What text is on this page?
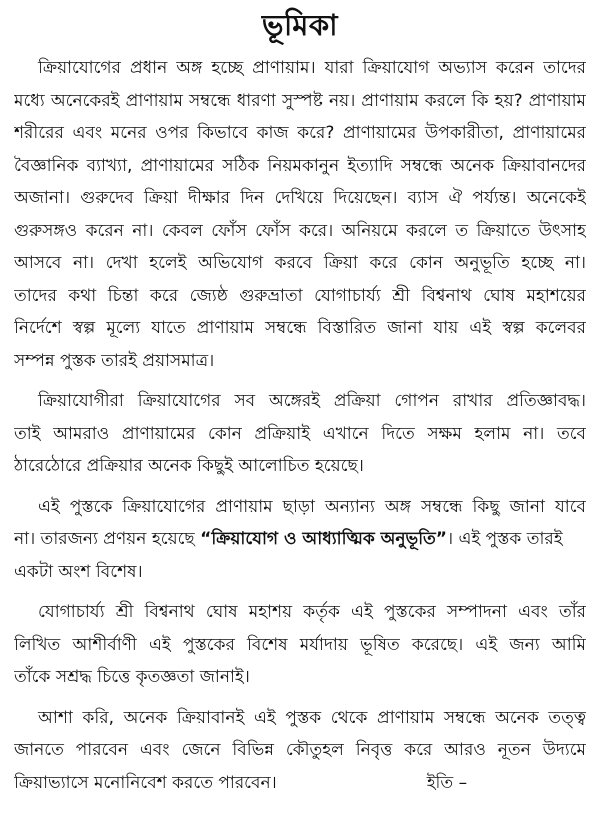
ভূমিকা
ক্রিয়াযোগের প্রধান অঙ্গ হচ্ছে প্রাণায়াম। যারা ক্রিয়াযোগ অভ্যাস করেন তাদের
মধ্যে অনেকেরই প্রাণায়াম সম্বন্ধে ধারণা সুস্পষ্ট নয়। প্রাণায়াম করলে কি হয়? প্রাণায়াম
শরীরের এবং মনের ওপর কিভাবে কাজ করে? প্রাণায়ামের উপকারীতা, প্রাণায়ামের
বৈজ্ঞানিক ব্যাখ্যা, প্রাণায়ামের সঠিক নিয়মকানুন ইত্যাদি সম্বন্ধে অনেক ক্রিয়াবানদের
অজানা। গুরুদেব ক্রিয়া দীক্ষার দিন দেখিয়ে দিয়েছেন। ব্যাস ঐ পর্য্যন্ত। অনেকেই
গুরুসঙ্গও করেন না। কেবল ফোঁস ফোঁস করে। অনিয়মে করলে ত ক্রিয়াতে উৎসাহ
আসবে না। দেখা হলেই অভিযোগ করবে ক্রিয়া করে কোন অনুভূতি হচ্ছে না।
তাদের কথা চিন্তা করে জ্যেষ্ঠ গুরুভ্রাতা যোগাচার্য্য শ্রী বিশ্বনাথ ঘোষ মহাশয়ের
নির্দেশে স্বল্প মূল্যে যাতে প্রাণায়াম সম্বন্ধে বিস্তারিত জানা যায় এই স্বল্প কলেবর
সম্পন্ন পুস্তক তারই প্রয়াসমাত্র।
ক্রিয়াযোগীরা ক্রিয়াযোগের সব অঙ্গেরই প্রক্রিয়া গোপন রাখার প্রতিজ্ঞাবদ্ধ।
তাই আমরাও প্রাণায়ামের কোন প্রক্রিয়াই এখানে দিতে সক্ষম হলাম না। তবে
ঠারেঠোরে প্রক্রিয়ার অনেক কিছুই আলোচিত হয়েছে।
এই পুস্তকে ক্রিয়াযোগের প্রাণায়াম ছাড়া অন্যান্য অঙ্গ সম্বন্ধে কিছু জানা যাবে
না। তারজন্য প্রণয়ন হয়েছে “ক্রিয়াযোগ ও আধ্যাত্মিক অনুভূতি”। এই পুস্তক তারই
একটা অংশ বিশেষ।
যোগাচার্য্য শ্রী বিশ্বনাথ ঘোষ মহাশয় কর্তৃক এই পুস্তকের সম্পাদনা এবং তাঁর
লিখিত আশীর্বাণী এই পুস্তকের বিশেষ মর্যাদায় ভূষিত করেছে। এই জন্য আমি
তাঁকে সশ্রদ্ধ চিত্তে কৃতজ্ঞতা জানাই।
আশা করি, অনেক ক্রিয়াবানই এই পুস্তক থেকে প্রাণায়াম সম্বন্ধে অনেক তত্ত্ব
জানতে পারবেন এবং জেনে বিভিন্ন কৌতুহল নিবৃত্ত করে আরও নূতন উদ্যমে
ক্রিয়াভ্যাসে মনোনিবেশ করতে পারবেন।	ইতি –
